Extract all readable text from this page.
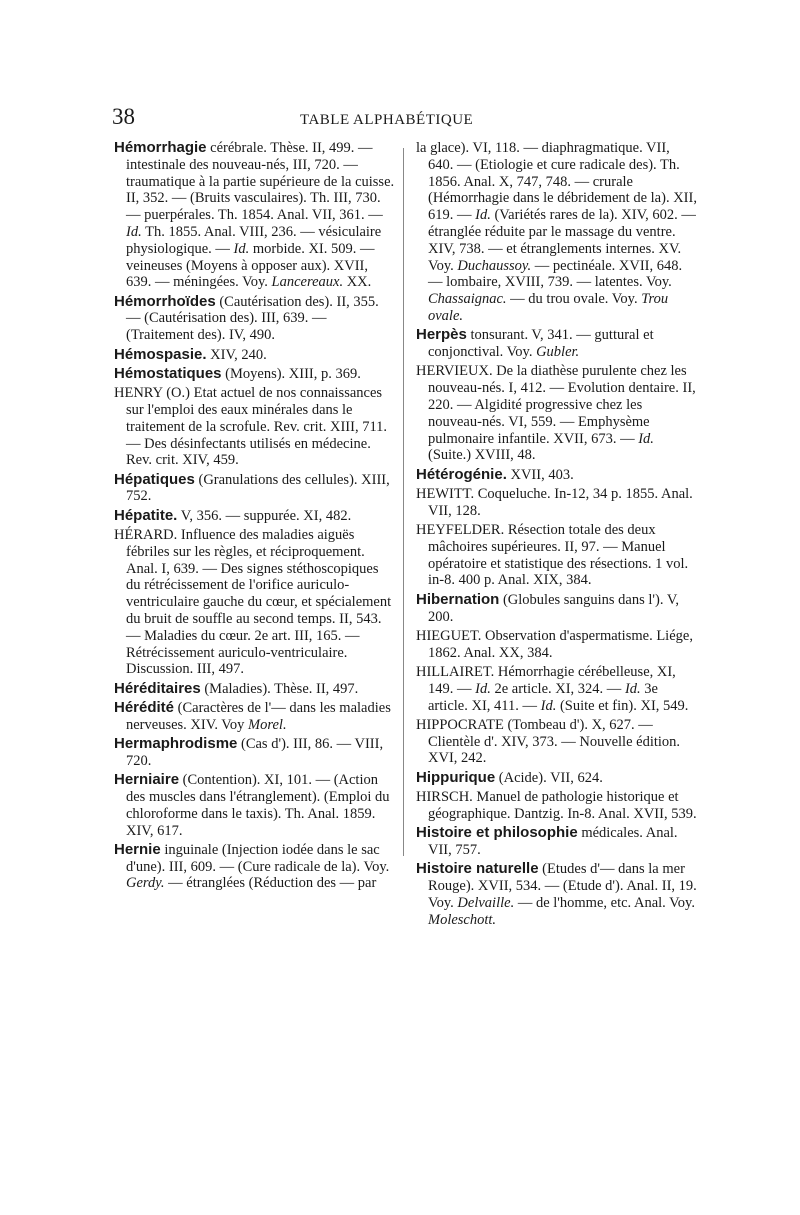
38	TABLE ALPHABÉTIQUE

Hémorrhagie cérébrale. Thèse. II, 499. — intestinale des nouveau-nés, III, 720. — traumatique à la partie supérieure de la cuisse. II, 352. — (Bruits vasculaires). Th. III, 730. — puerpérales. Th. 1854. Anal. VII, 361. — Id. Th. 1855. Anal. VIII, 236. — vésiculaire physiologique. — Id. morbide. XI. 509. — veineuses (Moyens à opposer aux). XVII, 639. — méningées. Voy. Lancereaux. XX.

Hémorrhoïdes (Cautérisation des). II, 355. — (Cautérisation des). III, 639. — (Traitement des). IV, 490.

Hémospasie. XIV, 240.

Hémostatiques (Moyens). XIII, p. 369.

HENRY (O.) Etat actuel de nos connaissances sur l'emploi des eaux minérales dans le traitement de la scrofule. Rev. crit. XIII, 711. — Des désinfectants utilisés en médecine. Rev. crit. XIV, 459.

Hépatiques (Granulations des cellules). XIII, 752.

Hépatite. V, 356. — suppurée. XI, 482.

HÉRARD. Influence des maladies aiguës fébriles sur les règles, et réciproquement. Anal. I, 639. — Des signes stéthoscopiques du rétrécissement de l'orifice auriculo-ventriculaire gauche du cœur, et spécialement du bruit de souffle au second temps. II, 543. — Maladies du cœur. 2e art. III, 165. — Rétrécissement auriculo-ventriculaire. Discussion. III, 497.

Héréditaires (Maladies). Thèse. II, 497.

Hérédité (Caractères de l'— dans les maladies nerveuses. XIV. Voy Morel.

Hermaphrodisme (Cas d'). III, 86. — VIII, 720.

Herniaire (Contention). XI, 101. — (Action des muscles dans l'étranglement). (Emploi du chloroforme dans le taxis). Th. Anal. 1859. XIV, 617.

Hernie inguinale (Injection iodée dans le sac d'une). III, 609. — (Cure radicale de la). Voy. Gerdy. — étranglées (Réduction des — par

la glace). VI, 118. — diaphragmatique. VII, 640. — (Etiologie et cure radicale des). Th. 1856. Anal. X, 747, 748. — crurale (Hémorrhagie dans le débridement de la). XII, 619. — Id. (Variétés rares de la). XIV, 602. — étranglée réduite par le massage du ventre. XIV, 738. — et étranglements internes. XV. Voy. Duchaussoy. — pectinéale. XVII, 648. — lombaire, XVIII, 739. — latentes. Voy. Chassaignac. — du trou ovale. Voy. Trou ovale.

Herpès tonsurant. V, 341. — guttural et conjonctival. Voy. Gubler.

HERVIEUX. De la diathèse purulente chez les nouveau-nés. I, 412. — Evolution dentaire. II, 220. — Algidité progressive chez les nouveau-nés. VI, 559. — Emphysème pulmonaire infantile. XVII, 673. — Id. (Suite.) XVIII, 48.

Hétérogénie. XVII, 403.

HEWITT. Coqueluche. In-12, 34 p. 1855. Anal. VII, 128.

HEYFELDER. Résection totale des deux mâchoires supérieures. II, 97. — Manuel opératoire et statistique des résections. 1 vol. in-8. 400 p. Anal. XIX, 384.

Hibernation (Globules sanguins dans l'). V, 200.

HIEGUET. Observation d'aspermatisme. Liége, 1862. Anal. XX, 384.

HILLAIRET. Hémorrhagie cérébelleuse, XI, 149. — Id. 2e article. XI, 324. — Id. 3e article. XI, 411. — Id. (Suite et fin). XI, 549.

HIPPOCRATE (Tombeau d'). X, 627. — Clientèle d'. XIV, 373. — Nouvelle édition. XVI, 242.

Hippurique (Acide). VII, 624.

HIRSCH. Manuel de pathologie historique et géographique. Dantzig. In-8. Anal. XVII, 539.

Histoire et philosophie médicales. Anal. VII, 757.

Histoire naturelle (Etudes d'— dans la mer Rouge). XVII, 534. — (Etude d'). Anal. II, 19. Voy. Delvaille. — de l'homme, etc. Anal. Voy. Moleschott.
